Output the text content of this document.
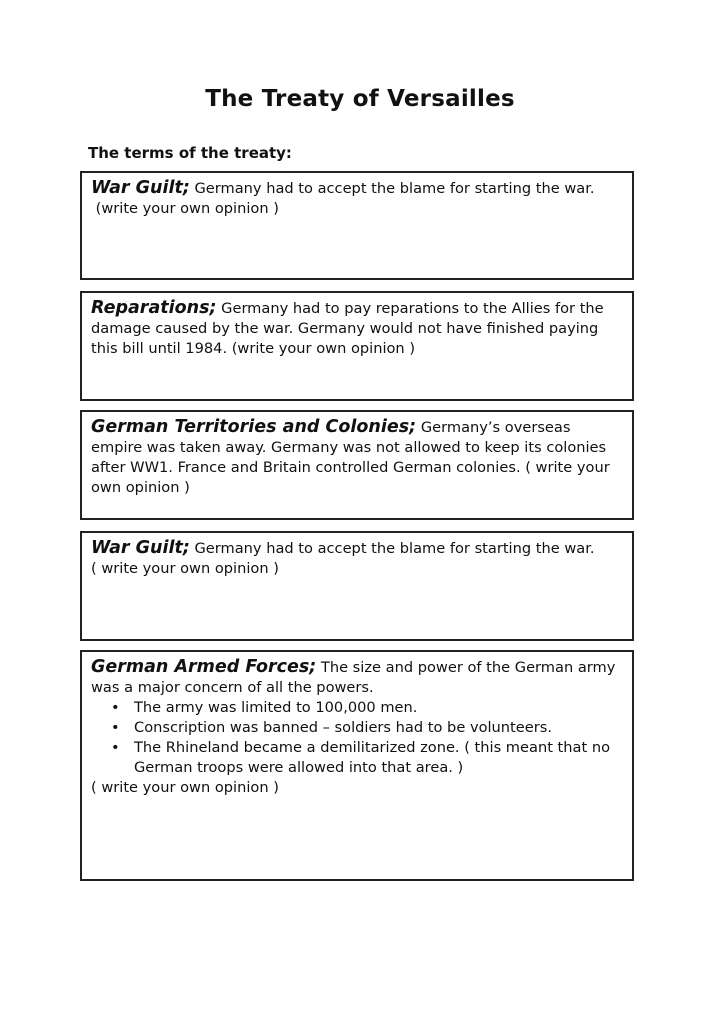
The Treaty of Versailles
The terms of the treaty:

War Guilt; Germany had to accept the blame for starting the war.

(write your own opinion )

Reparations; Germany had to pay reparations to the Allies for the damage caused by the war. Germany would not have finished paying this bill until 1984. (write your own opinion )

German Territories and Colonies; Germany’s overseas empire was taken away. Germany was not allowed to keep its colonies after WW1. France and Britain controlled German colonies. ( write your own opinion )

War Guilt; Germany had to accept the blame for starting the war.

( write your own opinion )

German Armed Forces; The size and power of the German army was a major concern of all the powers.

• The army was limited to 100,000 men.
• Conscription was banned – soldiers had to be volunteers.
• The Rhineland became a demilitarized zone. ( this meant that no German troops were allowed into that area. )

( write your own opinion )
